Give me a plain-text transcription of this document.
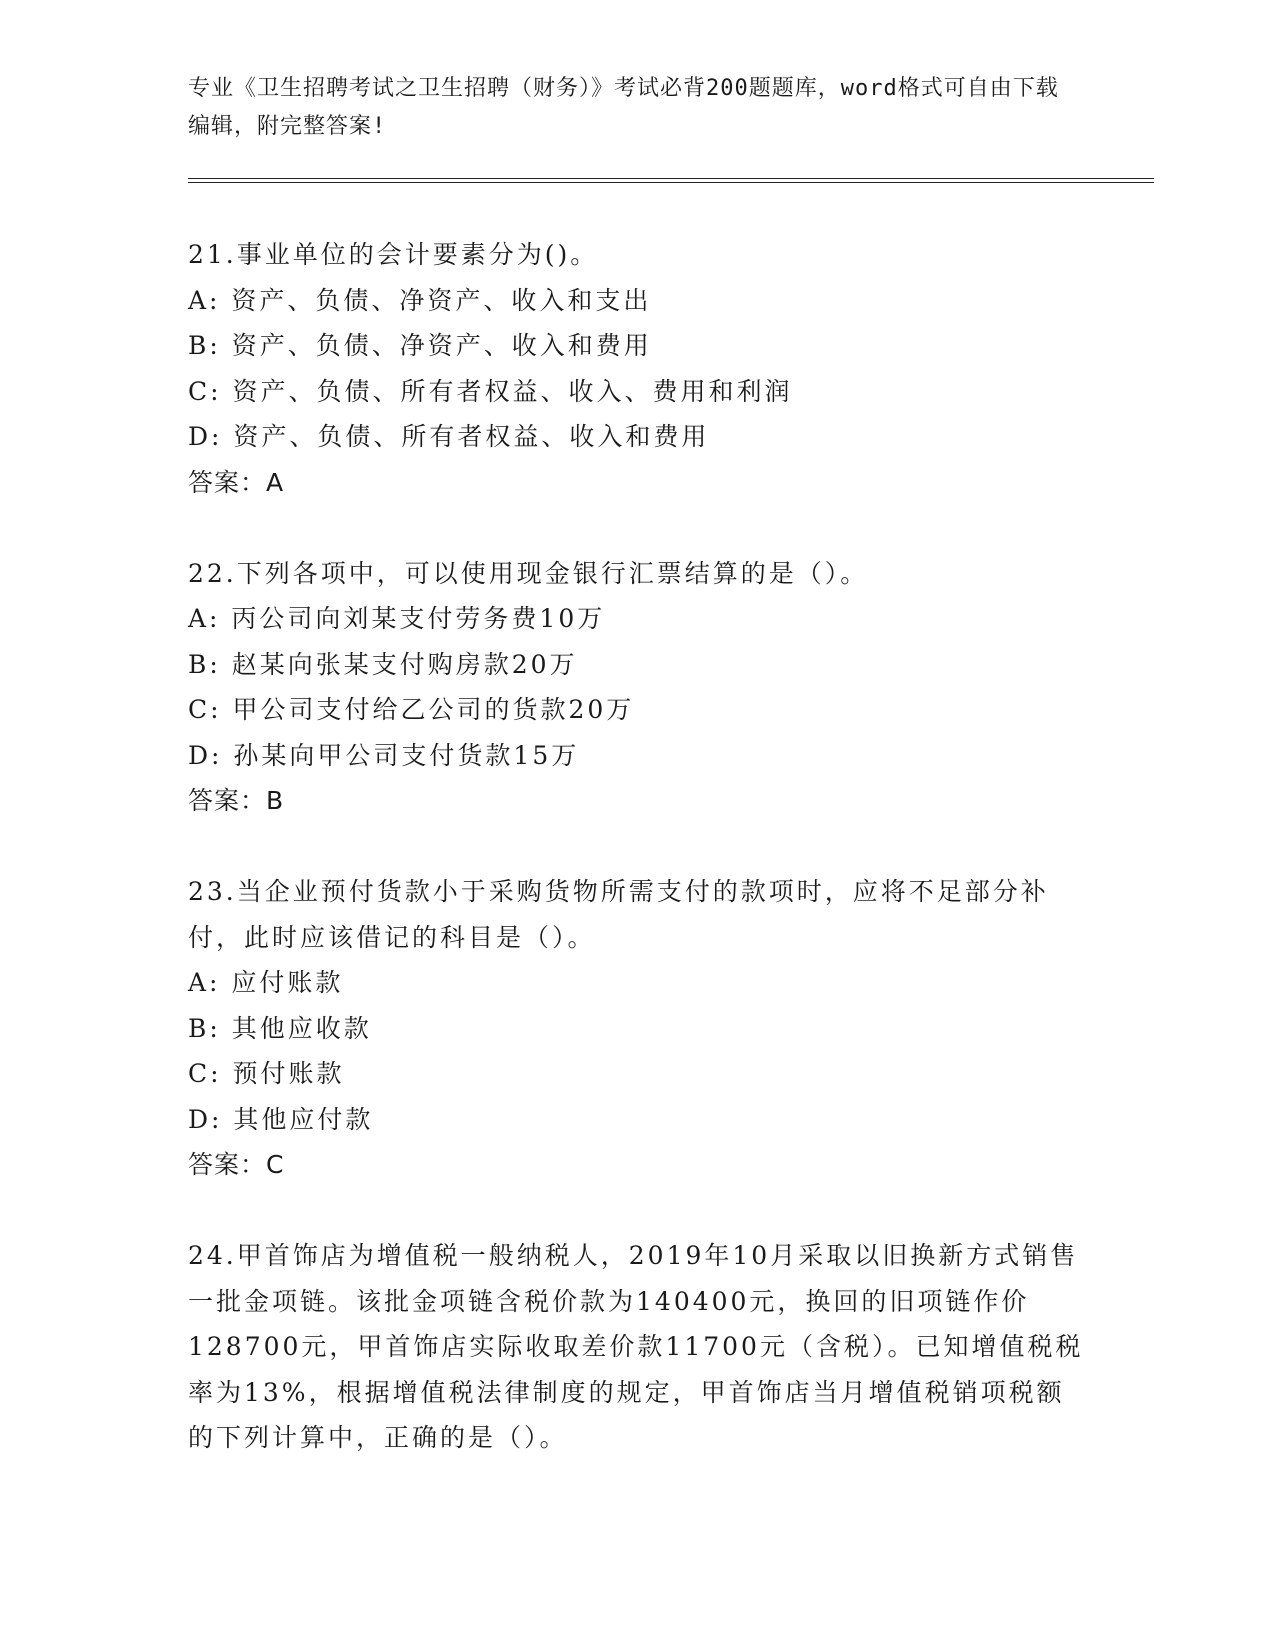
专业《卫生招聘考试之卫生招聘（财务）》考试必背200题题库，word格式可自由下载编辑，附完整答案!

21.事业单位的会计要素分为()。

A: 资产、负债、净资产、收入和支出

B: 资产、负债、净资产、收入和费用

C: 资产、负债、所有者权益、收入、费用和利润

D: 资产、负债、所有者权益、收入和费用

答案：A

22.下列各项中，可以使用现金银行汇票结算的是（）。

A: 丙公司向刘某支付劳务费10万

B: 赵某向张某支付购房款20万

C: 甲公司支付给乙公司的货款20万

D: 孙某向甲公司支付货款15万

答案：B

23.当企业预付货款小于采购货物所需支付的款项时，应将不足部分补付，此时应该借记的科目是（）。

A: 应付账款

B: 其他应收款

C: 预付账款

D: 其他应付款

答案：C

24.甲首饰店为增值税一般纳税人，2019年10月采取以旧换新方式销售一批金项链。该批金项链含税价款为140400元，换回的旧项链作价128700元，甲首饰店实际收取差价款11700元（含税）。已知增值税税率为13%，根据增值税法律制度的规定，甲首饰店当月增值税销项税额的下列计算中，正确的是（）。
